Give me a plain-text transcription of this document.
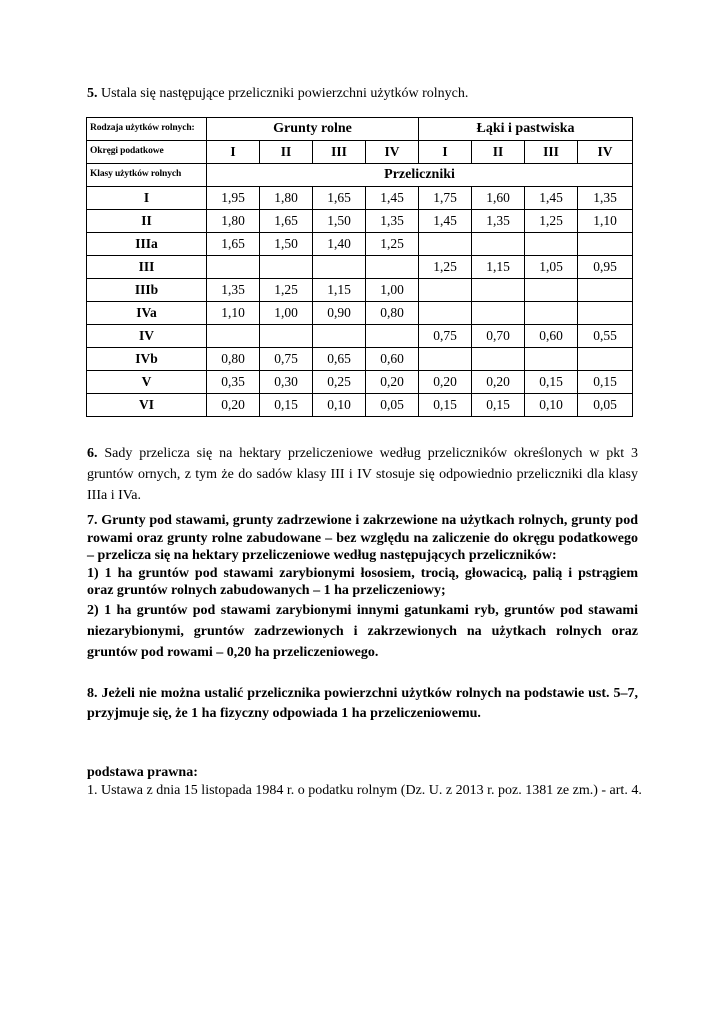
5. Ustala się następujące przeliczniki powierzchni użytków rolnych.
Rodzaja użytków rolnych:	Grunty rolne				Łąki i pastwiska			
Okręgi podatkowe	I	II	III	IV	I	II	III	IV
Klasy użytków rolnych	Przeliczniki							
I	1,95	1,80	1,65	1,45	1,75	1,60	1,45	1,35
II	1,80	1,65	1,50	1,35	1,45	1,35	1,25	1,10
IIIa	1,65	1,50	1,40	1,25				
III					1,25	1,15	1,05	0,95
IIIb	1,35	1,25	1,15	1,00				
IVa	1,10	1,00	0,90	0,80				
IV					0,75	0,70	0,60	0,55
IVb	0,80	0,75	0,65	0,60				
V	0,35	0,30	0,25	0,20	0,20	0,20	0,15	0,15
VI	0,20	0,15	0,10	0,05	0,15	0,15	0,10	0,05
6. Sady przelicza się na hektary przeliczeniowe według przeliczników określonych w pkt 3 gruntów ornych, z tym że do sadów klasy III i IV stosuje się odpowiednio przeliczniki dla klasy IIIa i IVa.
7. Grunty pod stawami, grunty zadrzewione i zakrzewione na użytkach rolnych, grunty pod rowami oraz grunty rolne zabudowane – bez względu na zaliczenie do okręgu podatkowego – przelicza się na hektary przeliczeniowe według następujących przeliczników:
1) 1 ha gruntów pod stawami zarybionymi łososiem, trocią, głowacicą, palią i pstrągiem oraz gruntów rolnych zabudowanych – 1 ha przeliczeniowy;
2) 1 ha gruntów pod stawami zarybionymi innymi gatunkami ryb, gruntów pod stawami niezarybionymi, gruntów zadrzewionych i zakrzewionych na użytkach rolnych oraz gruntów pod rowami – 0,20 ha przeliczeniowego.
8. Jeżeli nie można ustalić przelicznika powierzchni użytków rolnych na podstawie ust. 5–7, przyjmuje się, że 1 ha fizyczny odpowiada 1 ha przeliczeniowemu.
podstawa prawna:
1. Ustawa z dnia 15 listopada 1984 r. o podatku rolnym (Dz. U. z 2013 r. poz. 1381 ze zm.) - art. 4.
